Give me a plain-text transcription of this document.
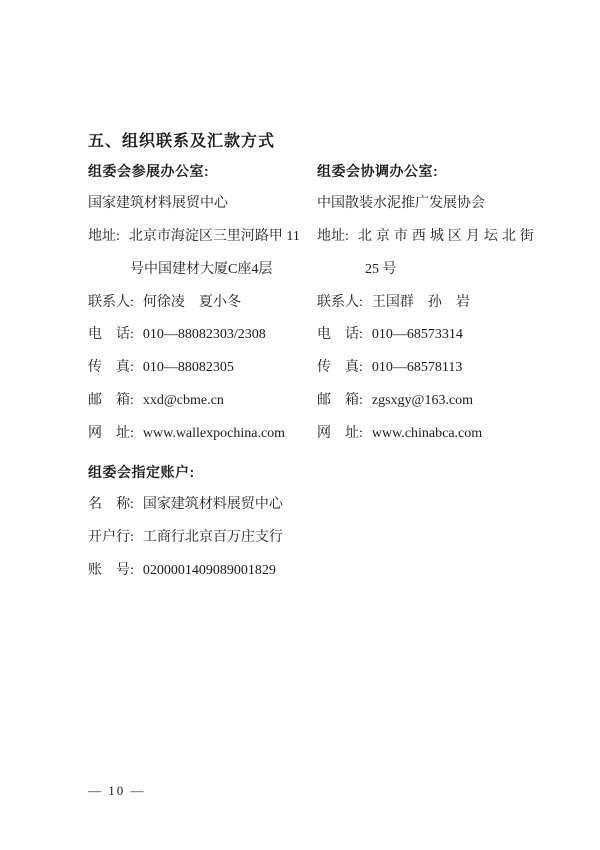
五、组织联系及汇款方式
组委会参展办公室:
国家建筑材料展贸中心
地址: 北京市海淀区三里河路甲 11
号中国建材大厦C座4层
联系人: 何徐凌　夏小冬
电　话: 010—88082303/2308
传　真: 010—88082305
邮　箱: xxd@cbme.cn
网　址: www.wallexpochina.com
组委会协调办公室:
中国散装水泥推广发展协会
地址: 北京市西城区月坛北街
25 号
联系人: 王国群　孙　岩
电　话: 010—68573314
传　真: 010—68578113
邮　箱: zgsxgy@163.com
网　址: www.chinabca.com
组委会指定账户:
名　称: 国家建筑材料展贸中心
开户行: 工商行北京百万庄支行
账　号: 0200001409089001829
— 10 —
